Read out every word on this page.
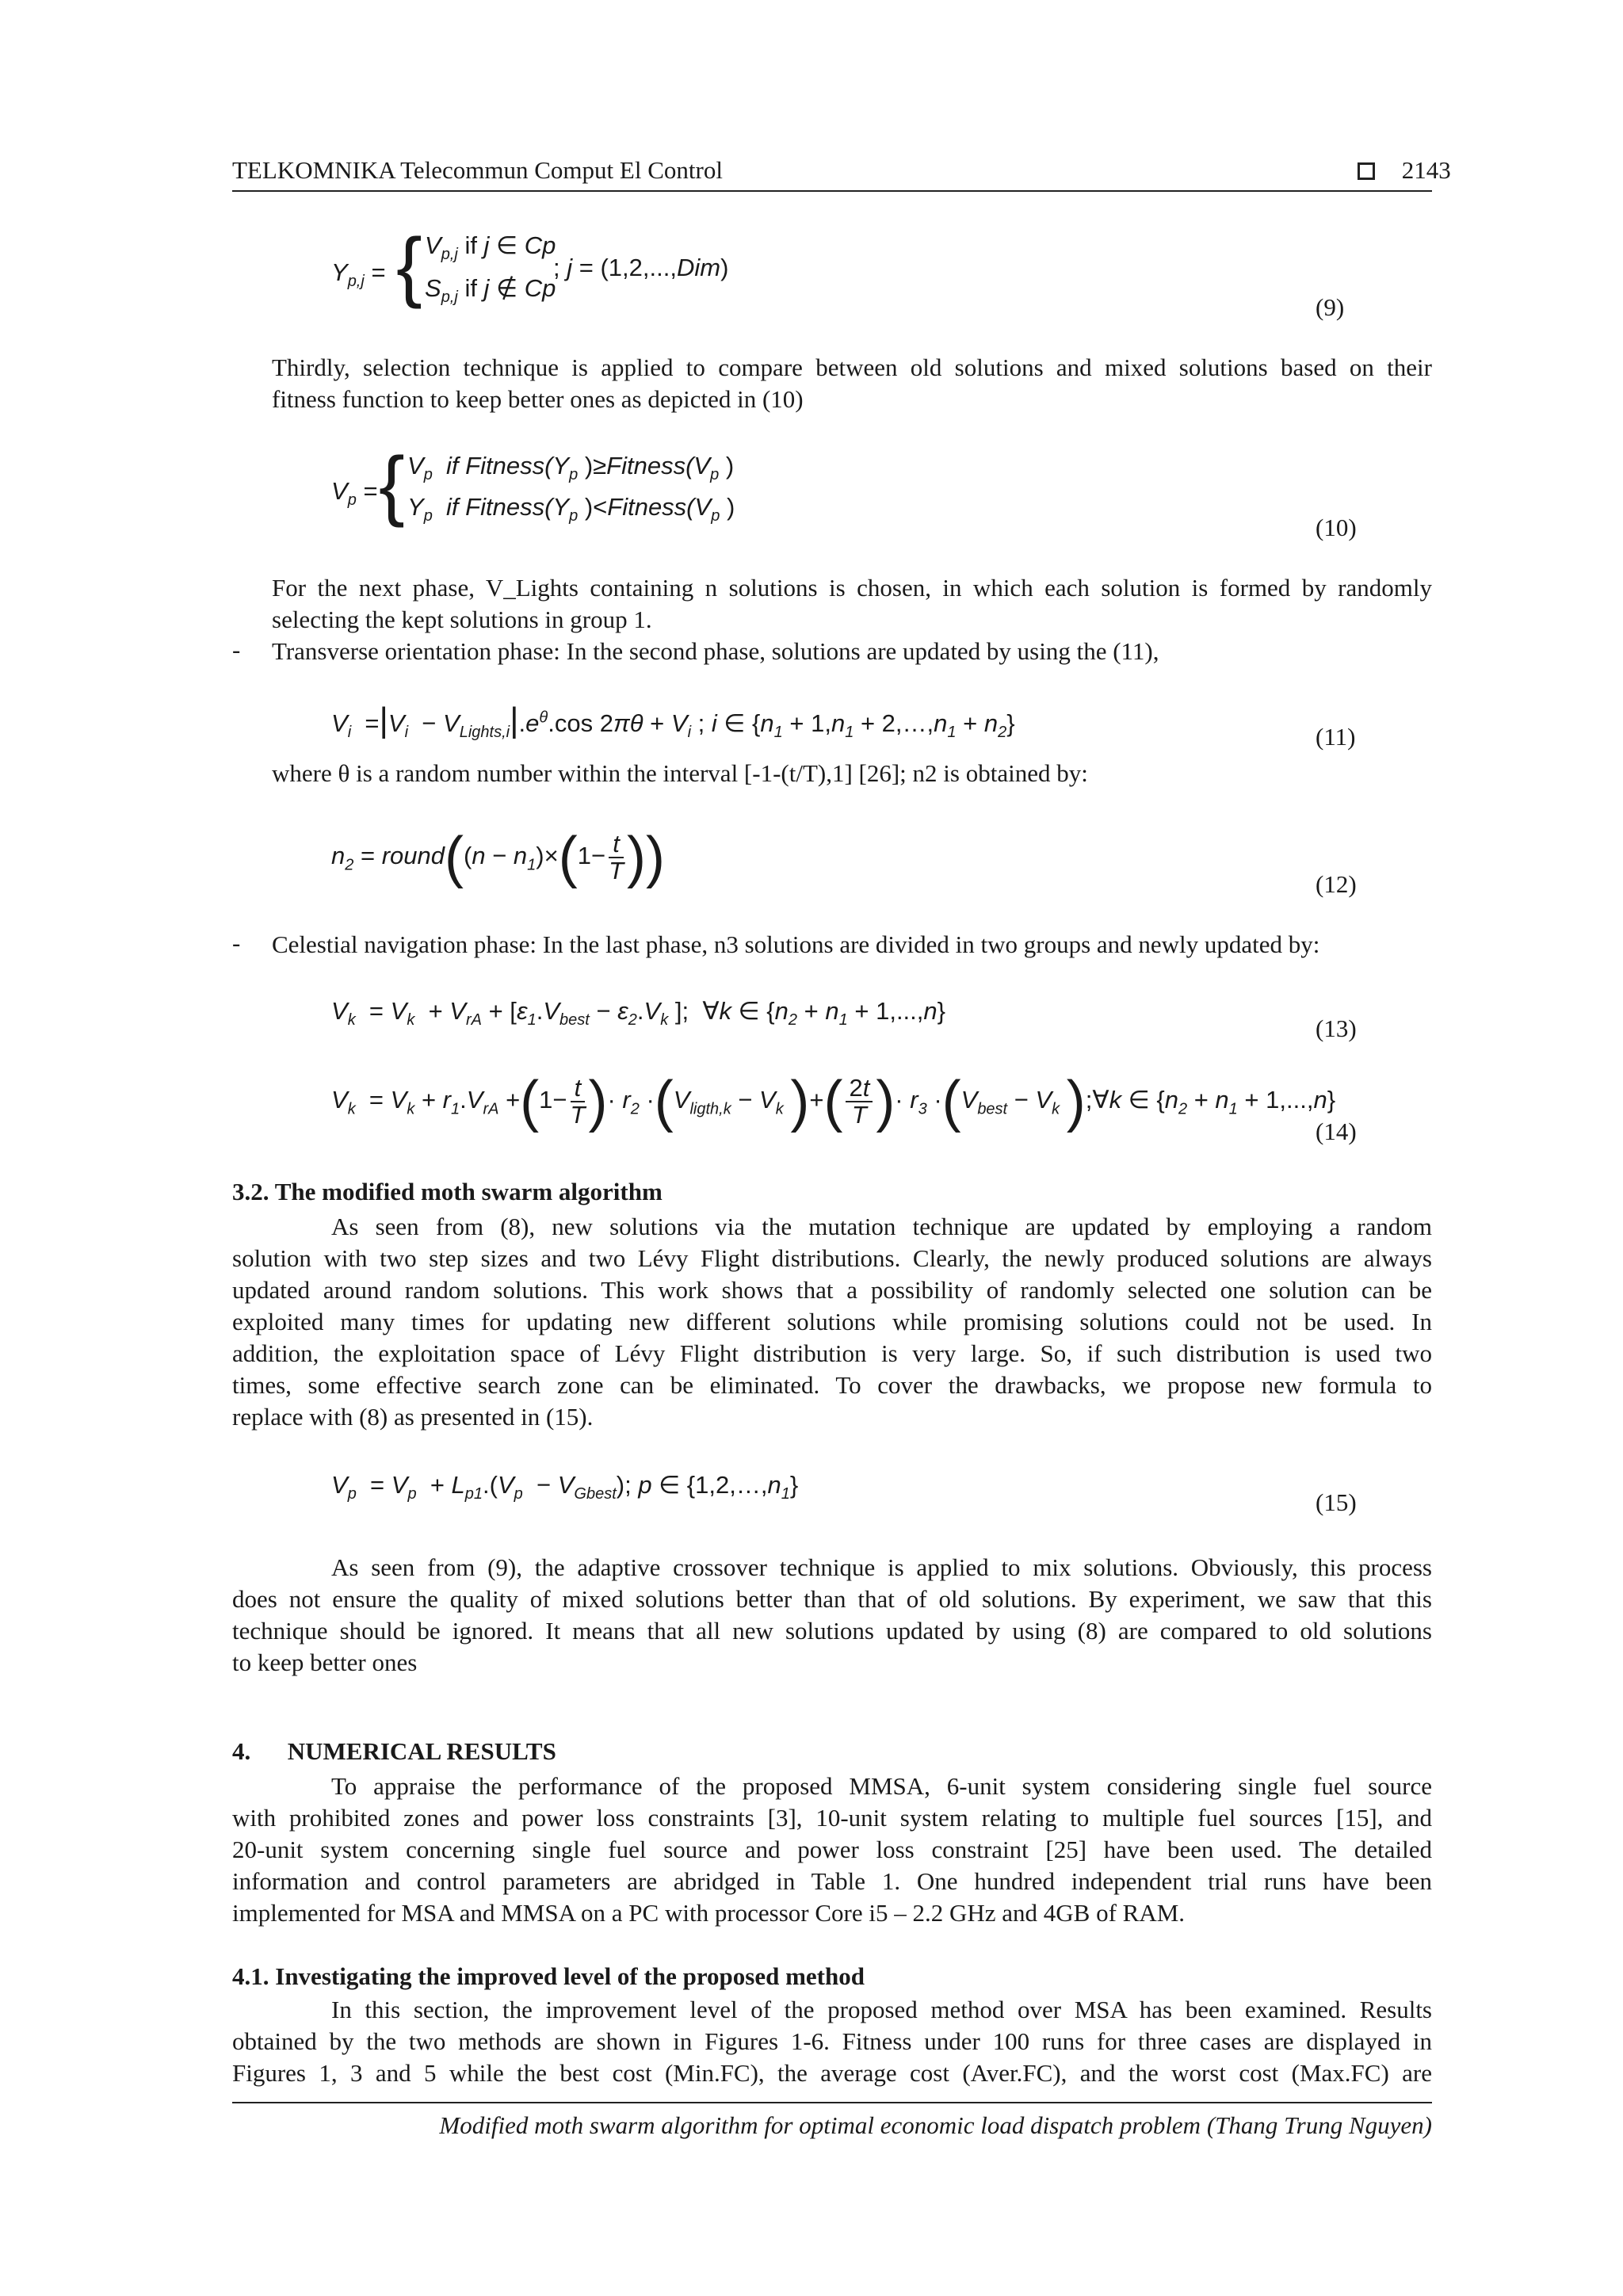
TELKOMNIKA Telecommun Comput El Control	2143
$Y_{p,j}$ = { $V_{p,j}$ if j ∈ Cp
$S_{p,j}$ if j ∉ Cp
; j = (1,2,...,Dim)
(9)
Thirdly, selection technique is applied to compare between old solutions and mixed solutions based on their
fitness function to keep better ones as depicted in (10)
$V_p$ = { $V_p$  if $Fitness(Y_p$ )$\ge Fitness(V_p$ )
$Y_p$  if $Fitness(Y_p$ )$<Fitness(V_p$ )
(10)
For the next phase, V_Lights containing n solutions is chosen, in which each solution is formed by randomly
selecting the kept solutions in group 1.
- Transverse orientation phase: In the second phase, solutions are updated by using the (11),
$V_i =|V_i - V_{Lights,i}|.e^\theta.\cos$ $2\pi\theta + V_i$ ; i ∈ {$n_1 + 1,n_1$ + $2,\dots,n_1 + n_2$}	(11)
where θ is a random number within the interval [-1-(t/T),1] [26]; n2 is obtained by:
$n_2$ = round((n − $n_1)\times(1- \frac{t}{T}$ ))	(12)
- Celestial navigation phase: In the last phase, n3 solutions are divided in two groups and newly updated by:
$V_k = V_k + V_{rA} + [\varepsilon_1.V_{best} - \varepsilon_2.V_k$ ]; ∀k ∈ $\{n_2 + n_1 + 1,...,n\}$
(13)
$V_k = V_k + r_1.V_{rA} +(1- \frac{t}{T}$ )· $r_2 \cdot(V_{ligth,k} - V_k$ )+( $\frac{2t}{T}$ )· $r_3 \cdot(V_{best} - V_k$ );∀k ∈ $\{n_2 + n_1 + 1,...,n\}$
(14)
3.2. The modified moth swarm algorithm
As seen from (8), new solutions via the mutation technique are updated by employing a random
solution with two step sizes and two Lévy Flight distributions. Clearly, the newly produced solutions are always
updated around random solutions. This work shows that a possibility of randomly selected one solution can be
exploited many times for updating new different solutions while promising solutions could not be used. In
addition, the exploitation space of Lévy Flight distribution is very large. So, if such distribution is used two
times, some effective search zone can be eliminated. To cover the drawbacks, we propose new formula to
replace with (8) as presented in (15).
$V_p = V_p + L_{p1}.(V_p - V_{Gbest})$; p ∈ $\{1,2,\dots,n_1\}$
(15)
As seen from (9), the adaptive crossover technique is applied to mix solutions. Obviously, this process
does not ensure the quality of mixed solutions better than that of old solutions. By experiment, we saw that this
technique should be ignored. It means that all new solutions updated by using (8) are compared to old solutions
to keep better ones
4.      NUMERICAL RESULTS
To appraise the performance of the proposed MMSA, 6-unit system considering single fuel source
with prohibited zones and power loss constraints [3], 10-unit system relating to multiple fuel sources [15], and
20-unit system concerning single fuel source and power loss constraint [25] have been used. The detailed
information and control parameters are abridged in Table 1. One hundred independent trial runs have been
implemented for MSA and MMSA on a PC with processor Core i5 – 2.2 GHz and 4GB of RAM.
4.1. Investigating the improved level of the proposed method
In this section, the improvement level of the proposed method over MSA has been examined. Results
obtained by the two methods are shown in Figures 1-6. Fitness under 100 runs for three cases are displayed in
Figures 1, 3 and 5 while the best cost (Min.FC), the average cost (Aver.FC), and the worst cost (Max.FC) are
Modified moth swarm algorithm for optimal economic load dispatch problem (Thang Trung Nguyen)
